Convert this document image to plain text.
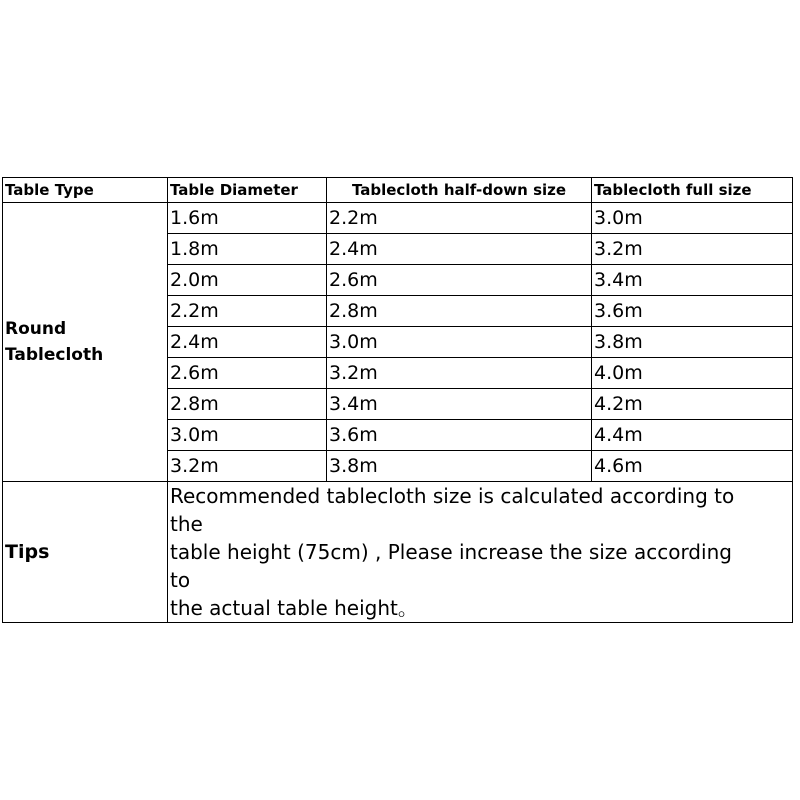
Table Type	Table Diameter	Tablecloth half-down size	Tablecloth full size

Round
Tablecloth	1.6m	2.2m	3.0m
	1.8m	2.4m	3.2m
	2.0m	2.6m	3.4m
	2.2m	2.8m	3.6m
	2.4m	3.0m	3.8m
	2.6m	3.2m	4.0m
	2.8m	3.4m	4.2m
	3.0m	3.6m	4.4m
	3.2m	3.8m	4.6m
Tips	Recommended tablecloth size is calculated according to
the
table height (75cm) , Please increase the size according
to
the actual table height。		
